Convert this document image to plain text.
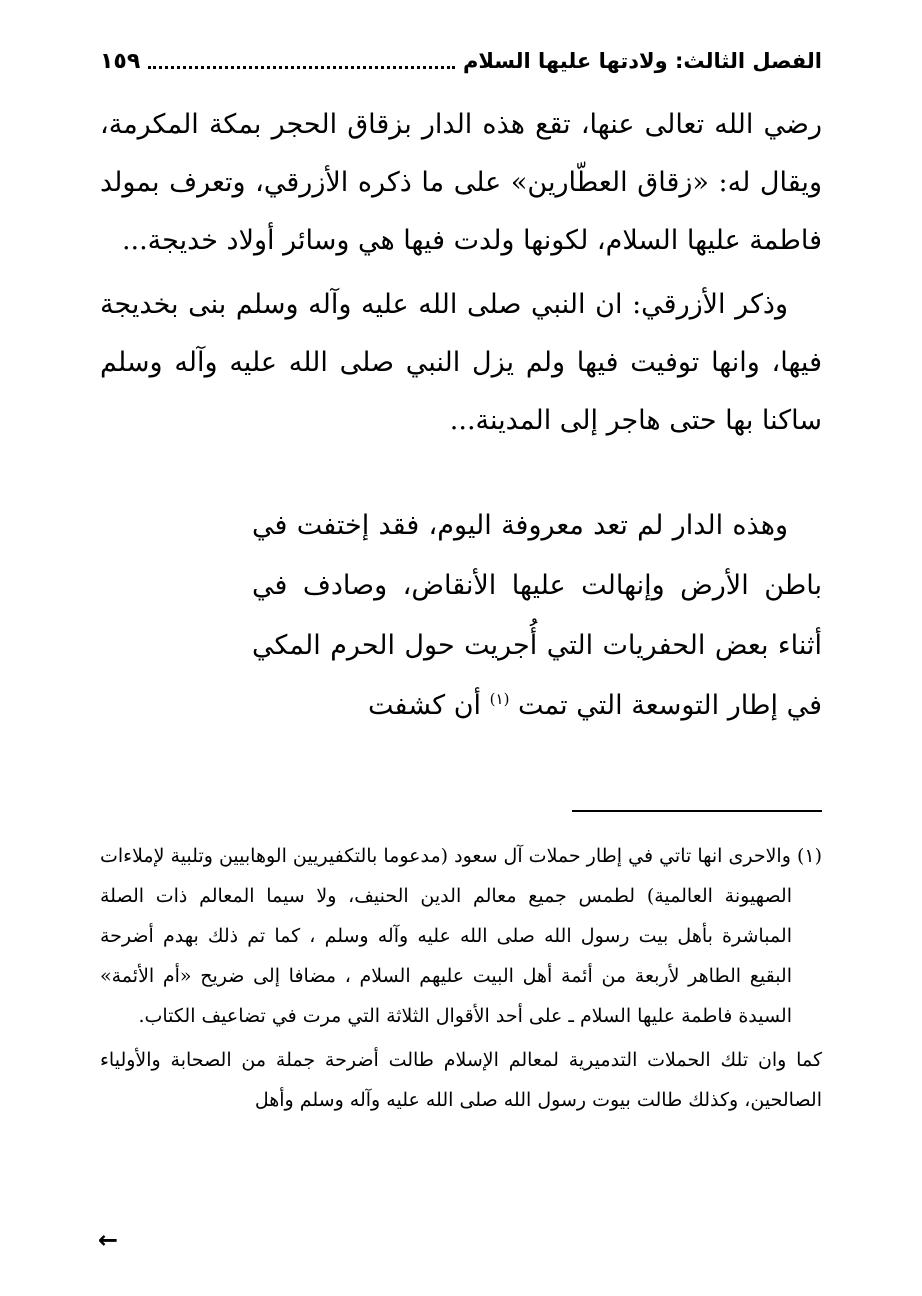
الفصل الثالث: ولادتها عليها السلام
١٥٩

رضي الله تعالى عنها، تقع هذه الدار بزقاق الحجر بمكة المكرمة، ويقال له: «زقاق العطّارين» على ما ذكره الأزرقي، وتعرف بمولد فاطمة عليها السلام، لكونها ولدت فيها هي وسائر أولاد خديجة...

وذكر الأزرقي: ان النبي صلى الله عليه وآله وسلم بنى بخديجة فيها، وانها توفيت فيها ولم يزل النبي صلى الله عليه وآله وسلم ساكنا بها حتى هاجر إلى المدينة...

وهذه الدار لم تعد معروفة اليوم، فقد إختفت في باطن الأرض وإنهالت عليها الأنقاض، وصادف في أثناء بعض الحفريات التي أُجريت حول الحرم المكي في إطار التوسعة التي تمت $^{(١)}$ أن كشفت

(١) والاحرى انها تاتي في إطار حملات آل سعود (مدعوما بالتكفيريين الوهابيين وتلبية لإملاءات الصهيونة العالمية) لطمس جميع معالم الدين الحنيف، ولا سيما المعالم ذات الصلة المباشرة بأهل بيت رسول الله صلى الله عليه وآله وسلم ، كما تم ذلك بهدم أضرحة البقيع الطاهر لأربعة من أئمة أهل البيت عليهم السلام ، مضافا إلى ضريح «أم الأئمة» السيدة فاطمة عليها السلام ـ على أحد الأقوال الثلاثة التي مرت في تضاعيف الكتاب.

كما وان تلك الحملات التدميرية لمعالم الإسلام طالت أضرحة جملة من الصحابة والأولياء الصالحين، وكذلك طالت بيوت رسول الله صلى الله عليه وآله وسلم وأهل

←
